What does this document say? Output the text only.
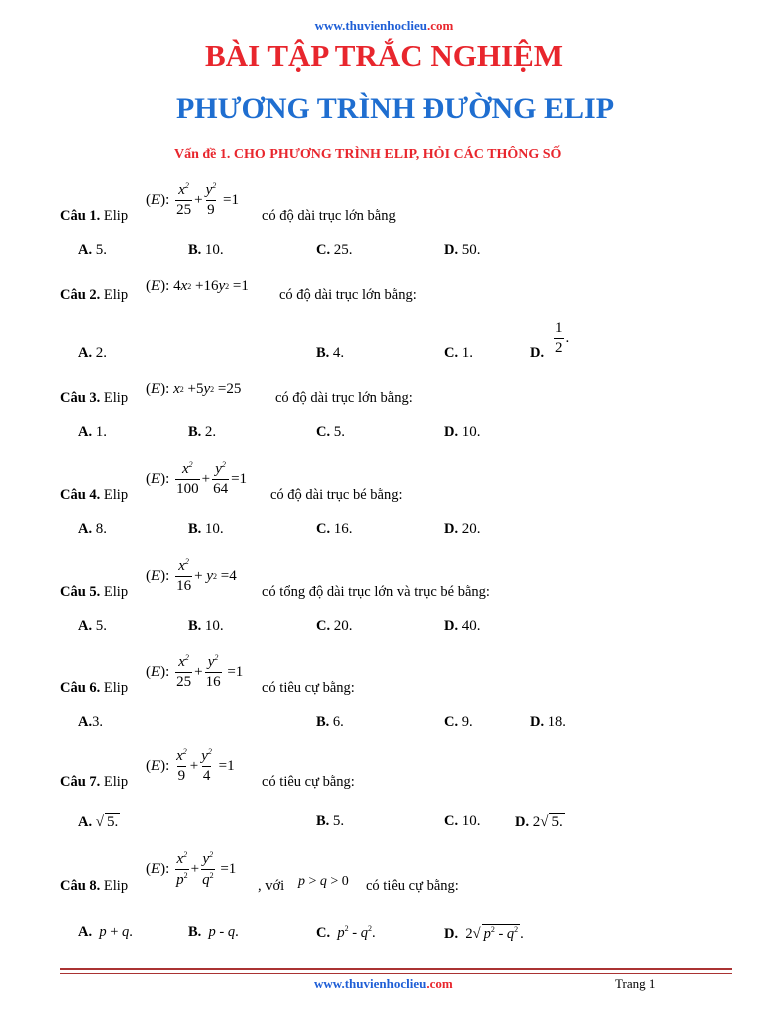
www.thuvienhoclieu.com
BÀI TẬP TRẮC NGHIỆM
PHƯƠNG TRÌNH ĐƯỜNG ELIP
Vấn đề 1. CHO PHƯƠNG TRÌNH ELIP, HỎI CÁC THÔNG SỐ
Câu 1. Elip
( E ): $\frac{x^2}{25} + \frac{y^2}{9} =1$
có độ dài trục lớn bằng
A. 5.	B. 10.	C. 25.	D. 50.
Câu 2. Elip
( E ): 4 x 2 +16 y 2 =1
có độ dài trục lớn bằng:
A. 2.	B. 4.	C. 1.	D. $\frac{1}{2}$ .
Câu 3. Elip
( E ): x 2 +5 y 2 =25
có độ dài trục lớn bằng:
A. 1.	B. 2.	C. 5.	D. 10.
Câu 4. Elip
( E ): $\frac{x^2}{100} + \frac{y^2}{64} =1$
có độ dài trục bé bằng:
A. 8.	B. 10.	C. 16.	D. 20.
Câu 5. Elip
( E ): $\frac{x^2}{16} + y$ 2 =4
có tổng độ dài trục lớn và trục bé bằng:
A. 5.	B. 10.	C. 20.	D. 40.
Câu 6. Elip
( E ): $\frac{x^2}{25} + \frac{y^2}{16} =1$
có tiêu cự bằng:
A.3.	B. 6.	C. 9.	D. 18.
Câu 7. Elip
( E ): $\frac{x^2}{9} + \frac{y^2}{4} =1$
có tiêu cự bằng:
A. √ 5.	B. 5.	C. 10. D. 2√ 5.
Câu 8. Elip
( E ): $\frac{x^2}{p^2} + \frac{y^2}{q^2} =1$
, với p > q > 0 có tiêu cự bằng:
A. p + q.	B. p - q.	C. $p^2 - q^2$.	D.  2√ $p^2 - q^2$ .
www.thuvienhoclieu.com	Trang 1
